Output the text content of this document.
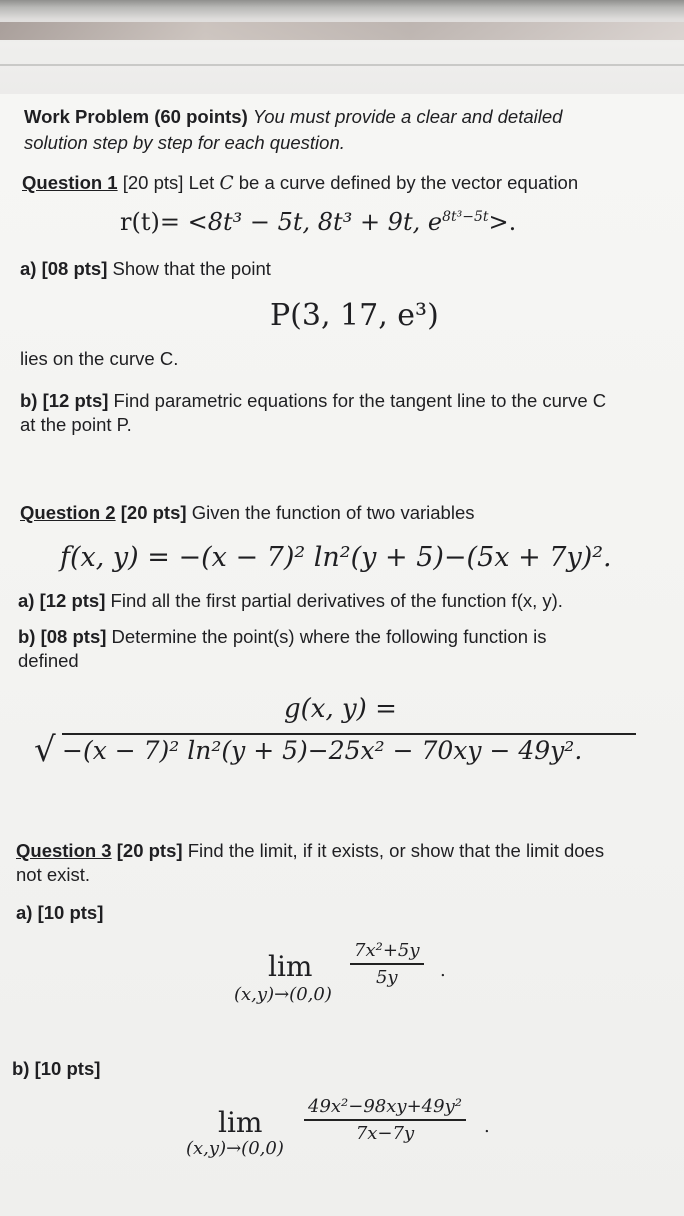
Work Problem (60 points) You must provide a clear and detailed
solution step by step for each question.
Question 1 [20 pts] Let C be a curve defined by the vector equation
r(t)= <8t³ − 5t, 8t³ + 9t, $e^{8t^3-5t}>$.
a) [08 pts] Show that the point
P(3, 17, e³)
lies on the curve C.
b) [12 pts] Find parametric equations for the tangent line to the curve C
at the point P.
Question 2 [20 pts] Given the function of two variables
f(x, y) = −(x − 7)² ln²(y + 5)−(5x + 7y)².
a) [12 pts] Find all the first partial derivatives of the function f(x, y).
b) [08 pts] Determine the point(s) where the following function is
defined
g(x, y) =
√ −(x − 7)² ln²(y + 5)−25x² − 70xy − 49y².
Question 3 [20 pts] Find the limit, if it exists, or show that the limit does
not exist.
a) [10 pts]
lim
(x,y)→(0,0)
$\frac{\text{7x²+5y}}{5y}$ .
b) [10 pts]
lim
(x,y)→(0,0)
$\frac{\text{49x²−98xy+49y²}}{7x-7y}$ .
